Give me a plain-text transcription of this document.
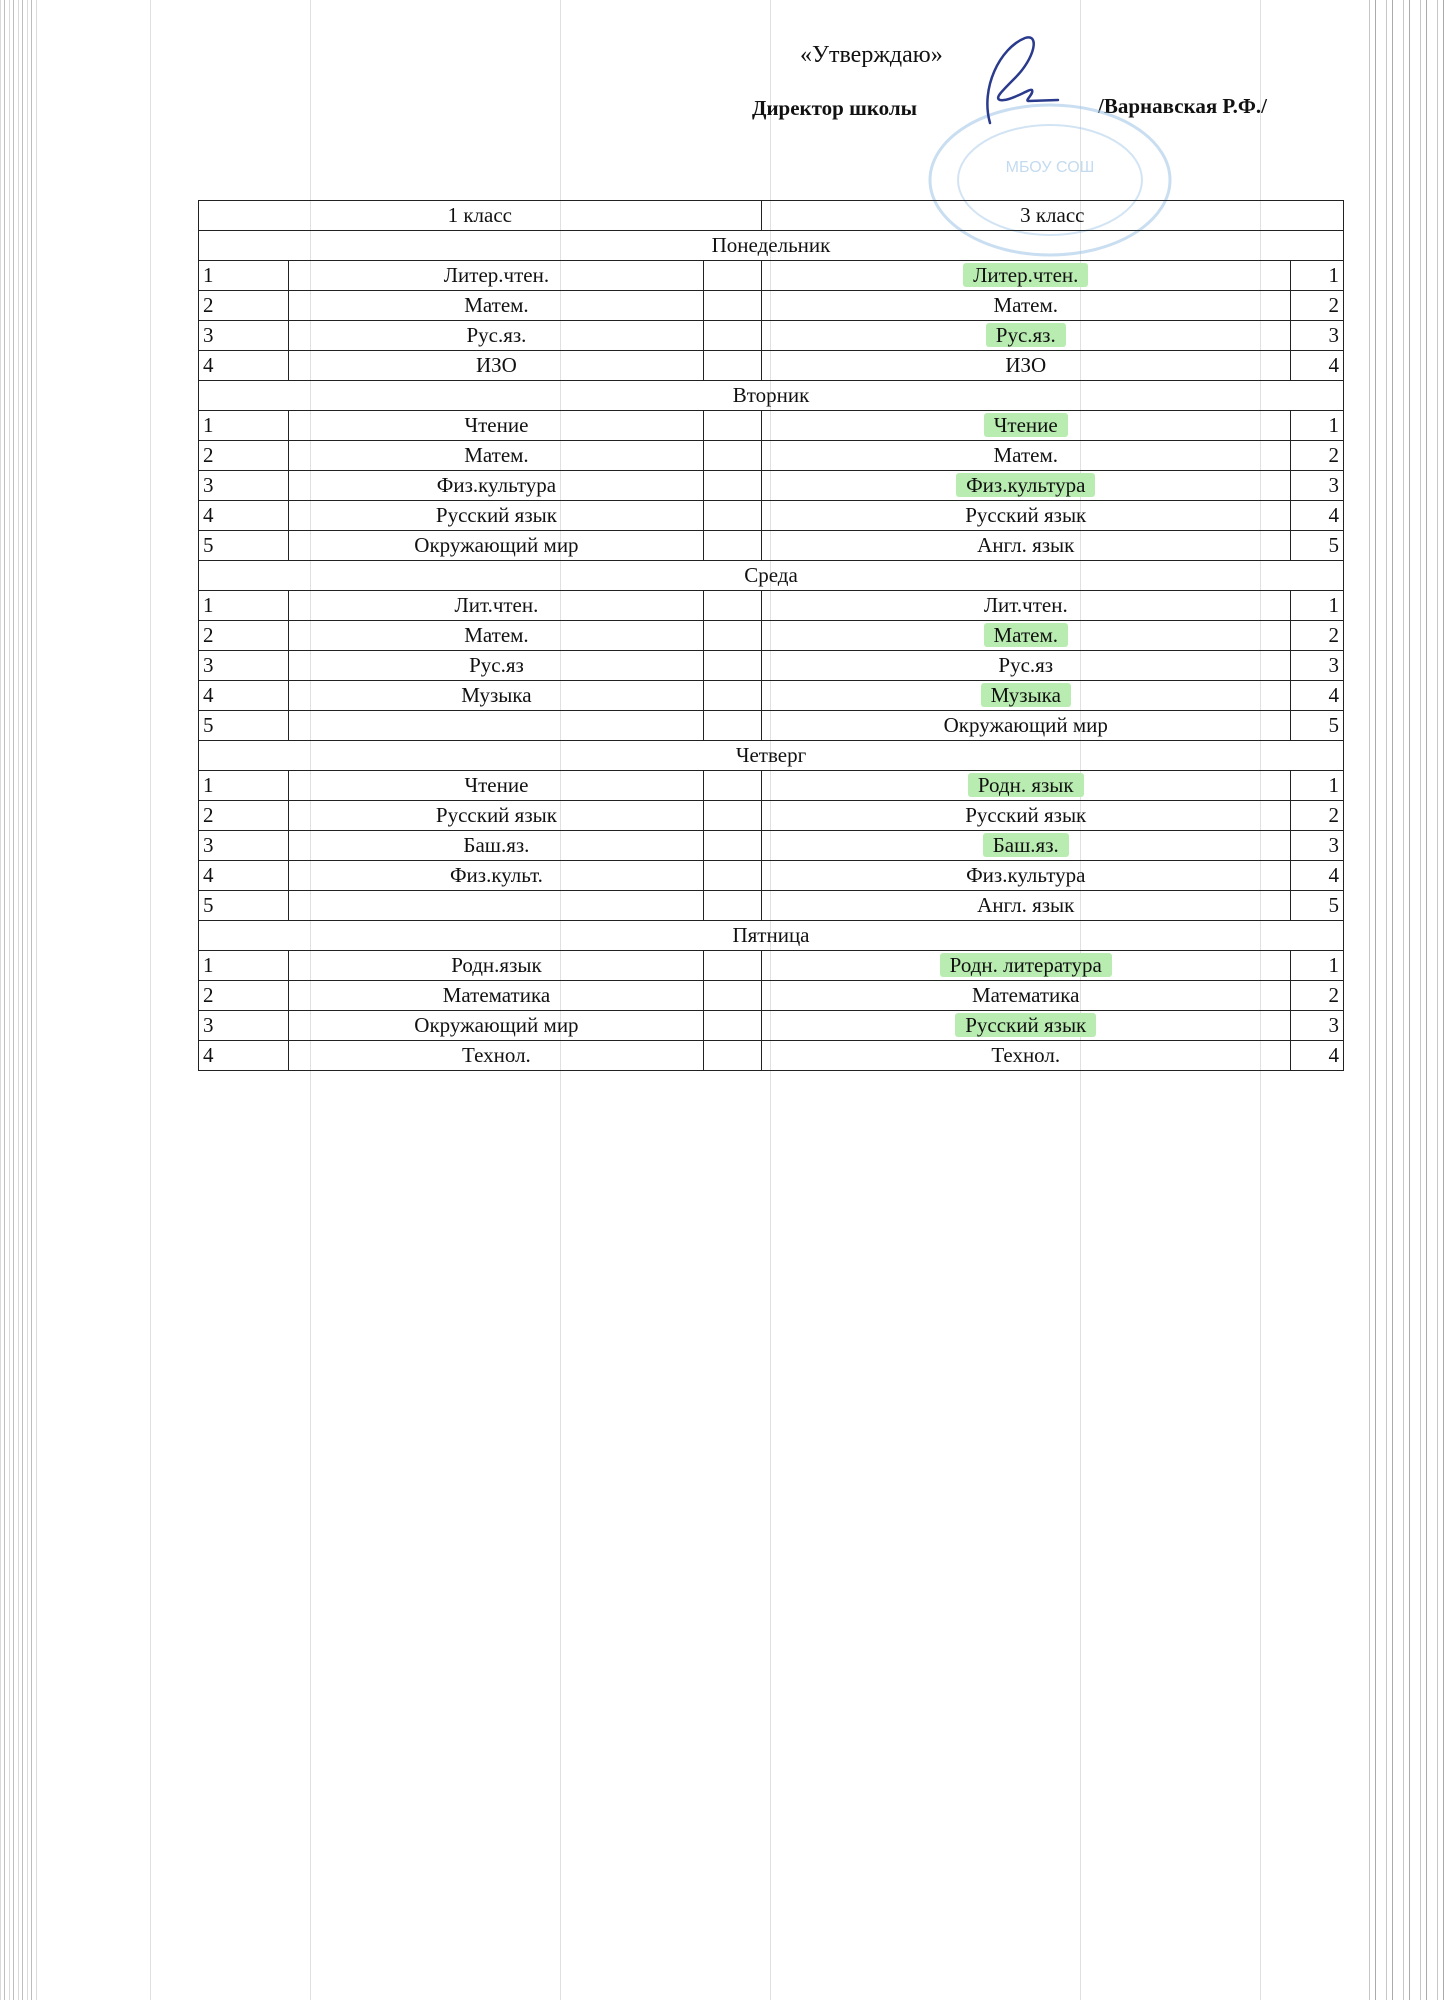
«Утверждаю»
Директор школы	/Варнавская Р.Ф./
МБОУ СОШ
1 класс			3 класс	
Понедельник				
1	Литер.чтен.		Литер.чтен.	1
2	Матем.		Матем.	2
3	Рус.яз.		Рус.яз.	3
4	ИЗО		ИЗО	4
Вторник				
1	Чтение		Чтение	1
2	Матем.		Матем.	2
3	Физ.культура		Физ.культура	3
4	Русский язык		Русский язык	4
5	Окружающий мир		Англ. язык	5
Среда				
1	Лит.чтен.		Лит.чтен.	1
2	Матем.		Матем.	2
3	Рус.яз		Рус.яз	3
4	Музыка		Музыка	4
5			Окружающий мир	5
Четверг				
1	Чтение		Родн. язык	1
2	Русский язык		Русский язык	2
3	Баш.яз.		Баш.яз.	3
4	Физ.культ.		Физ.культура	4
5			Англ. язык	5
Пятница				
1	Родн.язык		Родн. литература	1
2	Математика		Математика	2
3	Окружающий мир		Русский язык	3
4	Технол.		Технол.	4
